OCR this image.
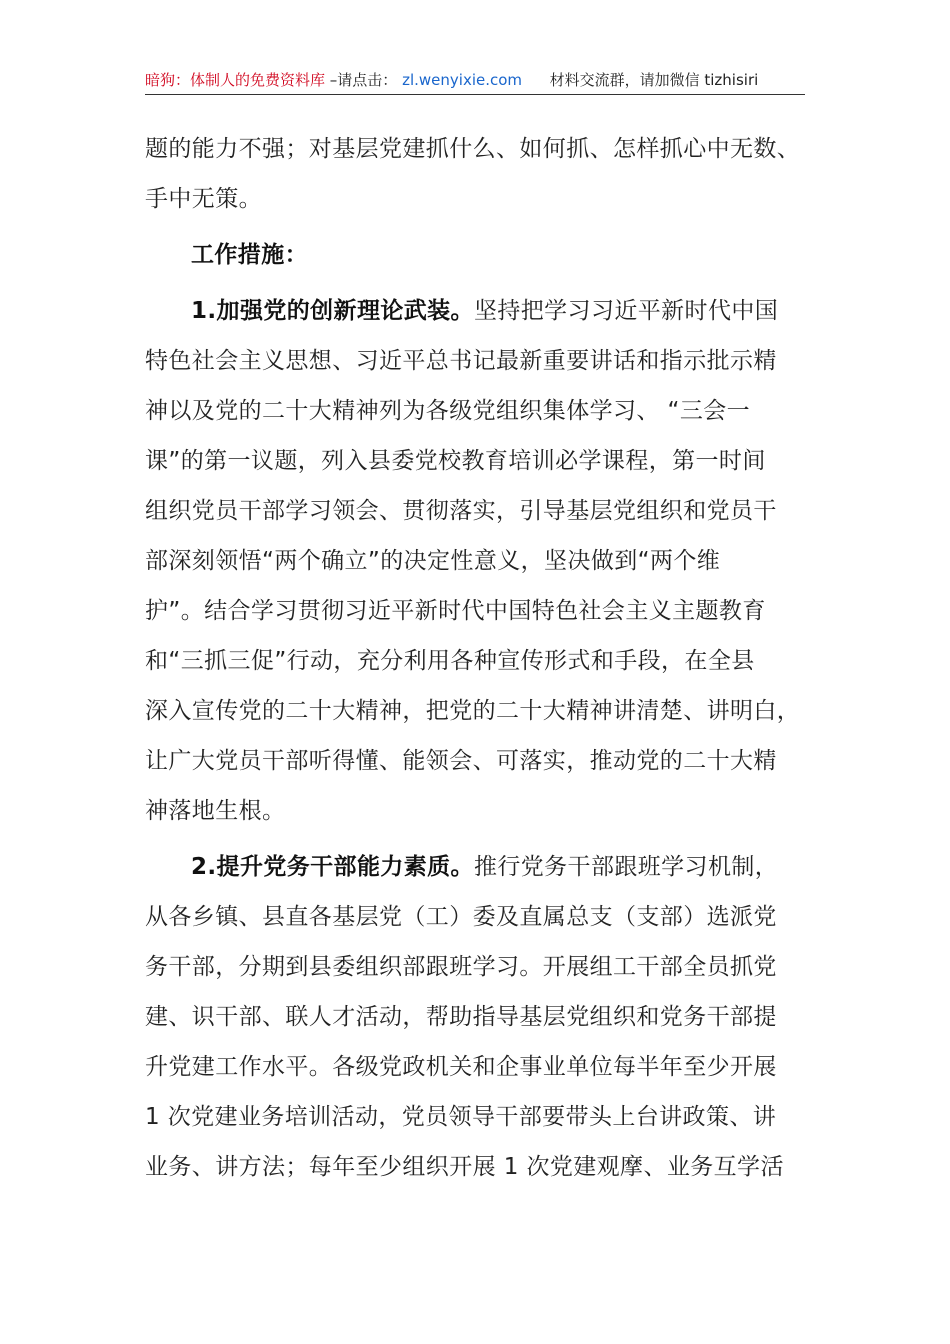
暗狗：体制人的免费资料库 –请点击： zl.wenyixie.com 材料交流群，请加微信 tizhisiri
题的能力不强；对基层党建抓什么、如何抓、怎样抓心中无数、
手中无策。
工作措施：
1.加强党的创新理论武装。坚持把学习习近平新时代中国
特色社会主义思想、习近平总书记最新重要讲话和指示批示精
神以及党的二十大精神列为各级党组织集体学习、 “三会一
课”的第一议题，列入县委党校教育培训必学课程，第一时间
组织党员干部学习领会、贯彻落实，引导基层党组织和党员干
部深刻领悟“两个确立”的决定性意义，坚决做到“两个维
护”。结合学习贯彻习近平新时代中国特色社会主义主题教育
和“三抓三促”行动，充分利用各种宣传形式和手段，在全县
深入宣传党的二十大精神，把党的二十大精神讲清楚、讲明白，
让广大党员干部听得懂、能领会、可落实，推动党的二十大精
神落地生根。
2.提升党务干部能力素质。推行党务干部跟班学习机制，
从各乡镇、县直各基层党（工）委及直属总支（支部）选派党
务干部，分期到县委组织部跟班学习。开展组工干部全员抓党
建、识干部、联人才活动，帮助指导基层党组织和党务干部提
升党建工作水平。各级党政机关和企事业单位每半年至少开展
1 次党建业务培训活动，党员领导干部要带头上台讲政策、讲
业务、讲方法；每年至少组织开展 1 次党建观摩、业务互学活
